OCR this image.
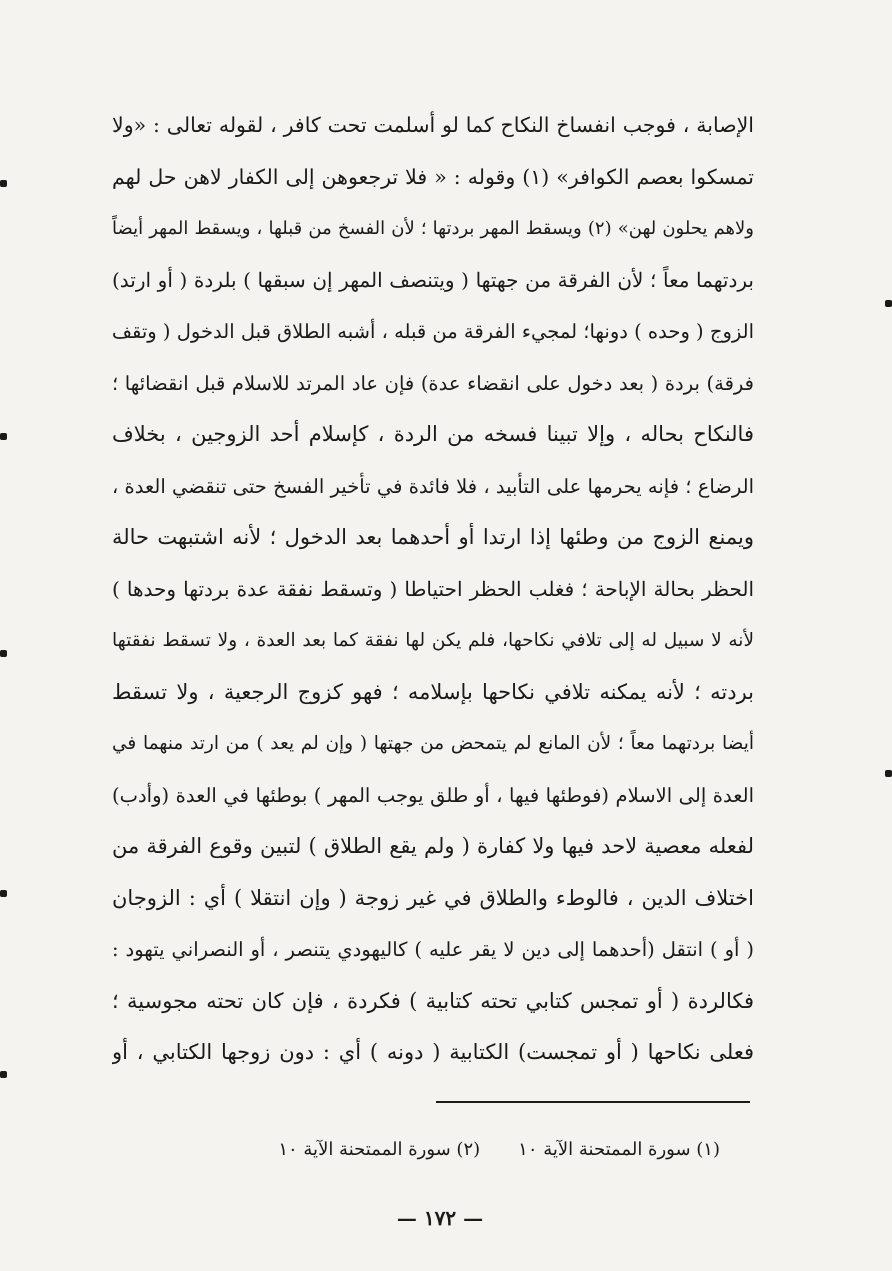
الإصابة ، فوجب انفساخ النكاح كما لو أسلمت تحت كافر ، لقوله تعالى : «ولا
تمسكوا بعصم الكوافر» (١) وقوله : « فلا ترجعوهن إلى الكفار لاهن حل لهم
ولاهم يحلون لهن» (٢) ويسقط المهر بردتها ؛ لأن الفسخ من قبلها ، ويسقط المهر أيضاً
بردتهما معاً ؛ لأن الفرقة من جهتها ( ويتنصف المهر إن سبقها ) بلردة ( أو ارتد)
الزوج ( وحده ) دونها؛ لمجيء الفرقة من قبله ، أشبه الطلاق قبل الدخول ( وتقف
فرقة) بردة ( بعد دخول على انقضاء عدة) فإن عاد المرتد للاسلام قبل انقضائها ؛
فالنكاح بحاله ، وإلا تبينا فسخه من الردة ، كإسلام أحد الزوجين ، بخلاف
الرضاع ؛ فإنه يحرمها على التأبيد ، فلا فائدة في تأخير الفسخ حتى تنقضي العدة ،
ويمنع الزوج من وطئها إذا ارتدا أو أحدهما بعد الدخول ؛ لأنه اشتبهت حالة
الحظر بحالة الإباحة ؛ فغلب الحظر احتياطا ( وتسقط نفقة عدة بردتها وحدها )
لأنه لا سبيل له إلى تلافي نكاحها، فلم يكن لها نفقة كما بعد العدة ، ولا تسقط نفقتها
بردته ؛ لأنه يمكنه تلافي نكاحها بإسلامه ؛ فهو كزوج الرجعية ، ولا تسقط
أيضا بردتهما معاً ؛ لأن المانع لم يتمحض من جهتها ( وإن لم يعد ) من ارتد منهما في
العدة إلى الاسلام (فوطئها فيها ، أو طلق يوجب المهر ) بوطئها في العدة (وأدب)
لفعله معصية لاحد فيها ولا كفارة ( ولم يقع الطلاق ) لتبين وقوع الفرقة من
اختلاف الدين ، فالوطء والطلاق في غير زوجة ( وإن انتقلا ) أي : الزوجان
( أو ) انتقل (أحدهما إلى دين لا يقر عليه ) كاليهودي يتنصر ، أو النصراني يتهود :
فكالردة ( أو تمجس كتابي تحته كتابية ) فكردة ، فإن كان تحته مجوسية ؛
فعلى نكاحها ( أو تمجست) الكتابية ( دونه ) أي : دون زوجها الكتابي ، أو
(١) سورة الممتحنة الآية ١٠
(٢) سورة الممتحنة الآية ١٠
— ١٧٢ —
